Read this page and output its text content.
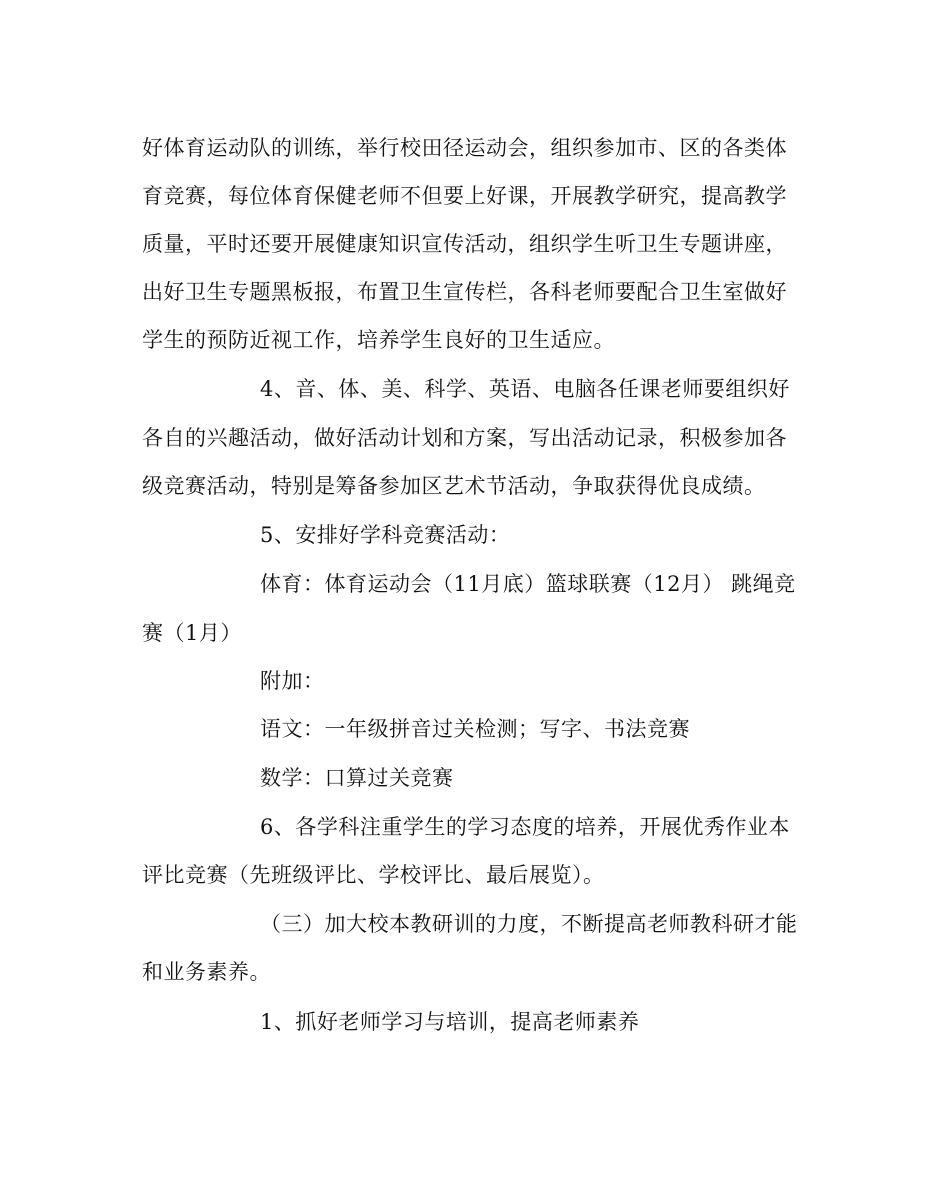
好体育运动队的训练，举行校田径运动会，组织参加市、区的各类体
育竞赛，每位体育保健老师不但要上好课，开展教学研究，提高教学
质量，平时还要开展健康知识宣传活动，组织学生听卫生专题讲座，
出好卫生专题黑板报，布置卫生宣传栏，各科老师要配合卫生室做好
学生的预防近视工作，培养学生良好的卫生适应。
4、音、体、美、科学、英语、电脑各任课老师要组织好
各自的兴趣活动，做好活动计划和方案，写出活动记录，积极参加各
级竞赛活动，特别是筹备参加区艺术节活动，争取获得优良成绩。
5、安排好学科竞赛活动：
体育：体育运动会（11月底）篮球联赛（12月） 跳绳竞
赛（1月）
附加：
语文：一年级拼音过关检测；写字、书法竞赛
数学：口算过关竞赛
6、各学科注重学生的学习态度的培养，开展优秀作业本
评比竞赛（先班级评比、学校评比、最后展览）。
（三）加大校本教研训的力度，不断提高老师教科研才能
和业务素养。
1、抓好老师学习与培训，提高老师素养
